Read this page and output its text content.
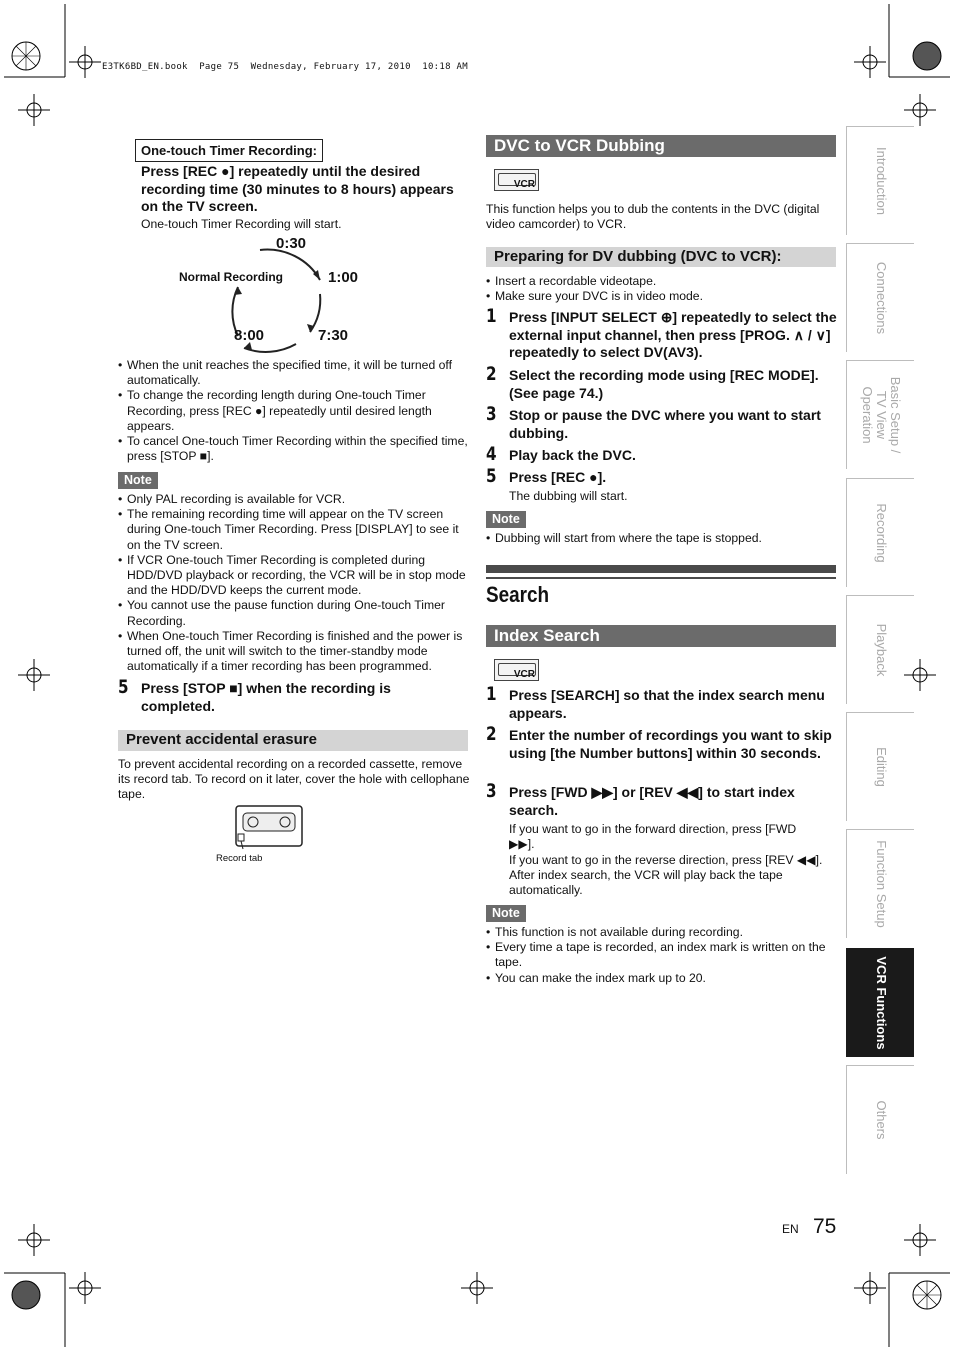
E3TK6BD_EN.book  Page 75  Wednesday, February 17, 2010  10:18 AM
One-touch Timer Recording:
Press [REC ●] repeatedly until the desired recording time (30 minutes to 8 hours) appears on the TV screen.
One-touch Timer Recording will start.
Normal Recording
0:30
1:00
8:00	7:30
• When the unit reaches the specified time, it will be turned off automatically.
• To change the recording length during One-touch Timer Recording, press [REC ●] repeatedly until desired length appears.
• To cancel One-touch Timer Recording within the specified time, press [STOP ■].
Note
• Only PAL recording is available for VCR.
• The remaining recording time will appear on the TV screen during One-touch Timer Recording. Press [DISPLAY] to see it on the TV screen.
• If VCR One-touch Timer Recording is completed during HDD/DVD playback or recording, the VCR will be in stop mode and the HDD/DVD keeps the current mode.
• You cannot use the pause function during One-touch Timer Recording.
• When One-touch Timer Recording is finished and the power is turned off, the unit will switch to the timer-standby mode automatically if a timer recording has been programmed.
5 Press [STOP ■] when the recording is completed.
Prevent accidental erasure
To prevent accidental recording on a recorded cassette, remove its record tab. To record on it later, cover the hole with cellophane tape.
Record tab
DVC to VCR Dubbing
VCR
This function helps you to dub the contents in the DVC (digital video camcorder) to VCR.
Preparing for DV dubbing (DVC to VCR):
• Insert a recordable videotape.
• Make sure your DVC is in video mode.
1 Press [INPUT SELECT ⊕] repeatedly to select the external input channel, then press [PROG. ∧ / ∨] repeatedly to select DV(AV3).
2 Select the recording mode using [REC MODE]. (See page 74.)
3 Stop or pause the DVC where you want to start dubbing.
4 Play back the DVC.
5 Press [REC ●].
The dubbing will start.
Note
• Dubbing will start from where the tape is stopped.
Search
Index Search
VCR
1 Press [SEARCH] so that the index search menu appears.
2 Enter the number of recordings you want to skip using [the Number buttons] within 30 seconds.
3 Press [FWD ▶▶] or [REV ◀◀] to start index search.
If you want to go in the forward direction, press [FWD ▶▶].
If you want to go in the reverse direction, press [REV ◀◀]. After index search, the VCR will play back the tape automatically.
Note
• This function is not available during recording.
• Every time a tape is recorded, an index mark is written on the tape.
• You can make the index mark up to 20.
Introduction
Connections
Basic Setup / TV View Operation
Recording
Playback
Editing
Function Setup
VCR Functions
Others
EN 75
